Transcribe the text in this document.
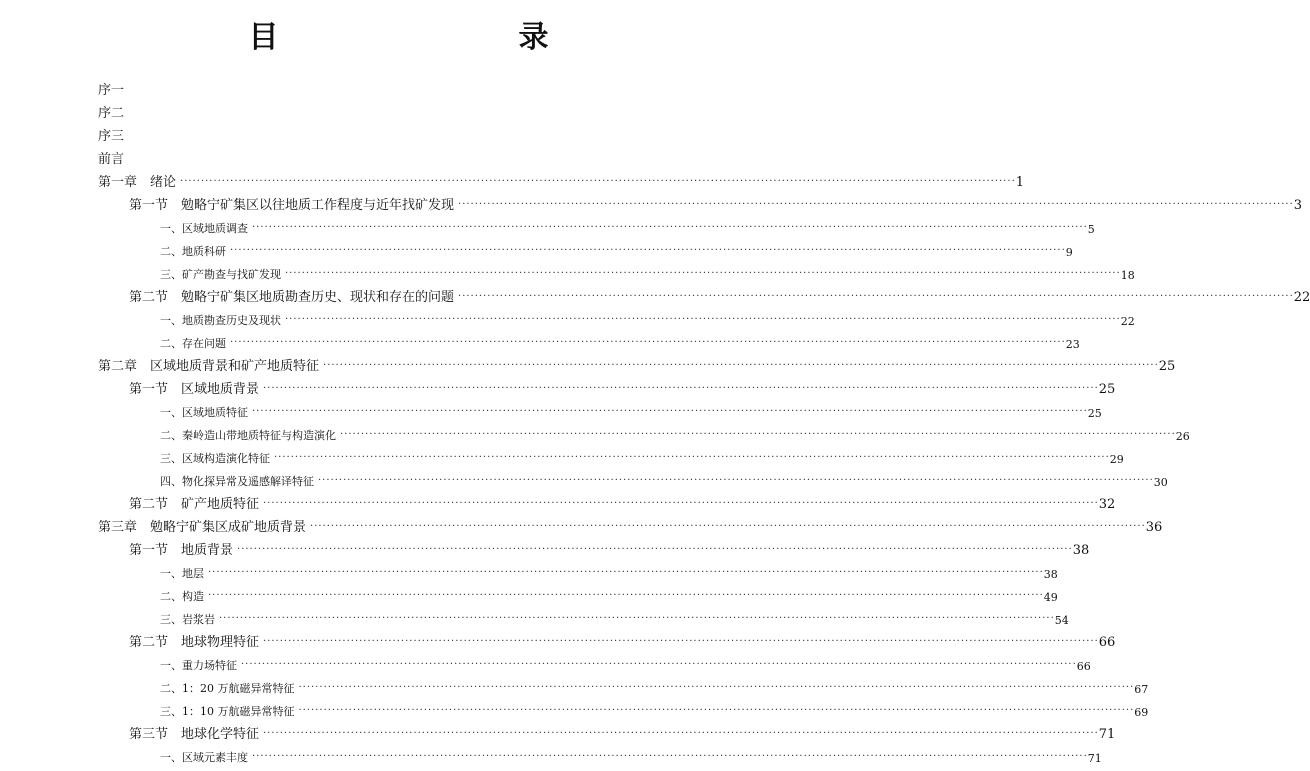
目　　录
序一
序二
序三
前言
第一章　绪论 ········································································································································································································ 1
第一节　勉略宁矿集区以往地质工作程度与近年找矿发现 ········································································································································································································ 3
一、区域地质调查 ········································································································································································································ 5
二、地质科研 ········································································································································································································ 9
三、矿产勘查与找矿发现 ········································································································································································································ 18
第二节　勉略宁矿集区地质勘查历史、现状和存在的问题 ········································································································································································································ 22
一、地质勘查历史及现状 ········································································································································································································ 22
二、存在问题 ········································································································································································································ 23
第二章　区域地质背景和矿产地质特征 ········································································································································································································ 25
第一节　区域地质背景 ········································································································································································································ 25
一、区域地质特征 ········································································································································································································ 25
二、秦岭造山带地质特征与构造演化 ········································································································································································································ 26
三、区域构造演化特征 ········································································································································································································ 29
四、物化探异常及遥感解译特征 ········································································································································································································ 30
第二节　矿产地质特征 ········································································································································································································ 32
第三章　勉略宁矿集区成矿地质背景 ········································································································································································································ 36
第一节　地质背景 ········································································································································································································ 38
一、地层 ········································································································································································································ 38
二、构造 ········································································································································································································ 49
三、岩浆岩 ········································································································································································································ 54
第二节　地球物理特征 ········································································································································································································ 66
一、重力场特征 ········································································································································································································ 66
二、1：20 万航磁异常特征 ········································································································································································································ 67
三、1：10 万航磁异常特征 ········································································································································································································ 69
第三节　地球化学特征 ········································································································································································································ 71
一、区域元素丰度 ········································································································································································································ 71
